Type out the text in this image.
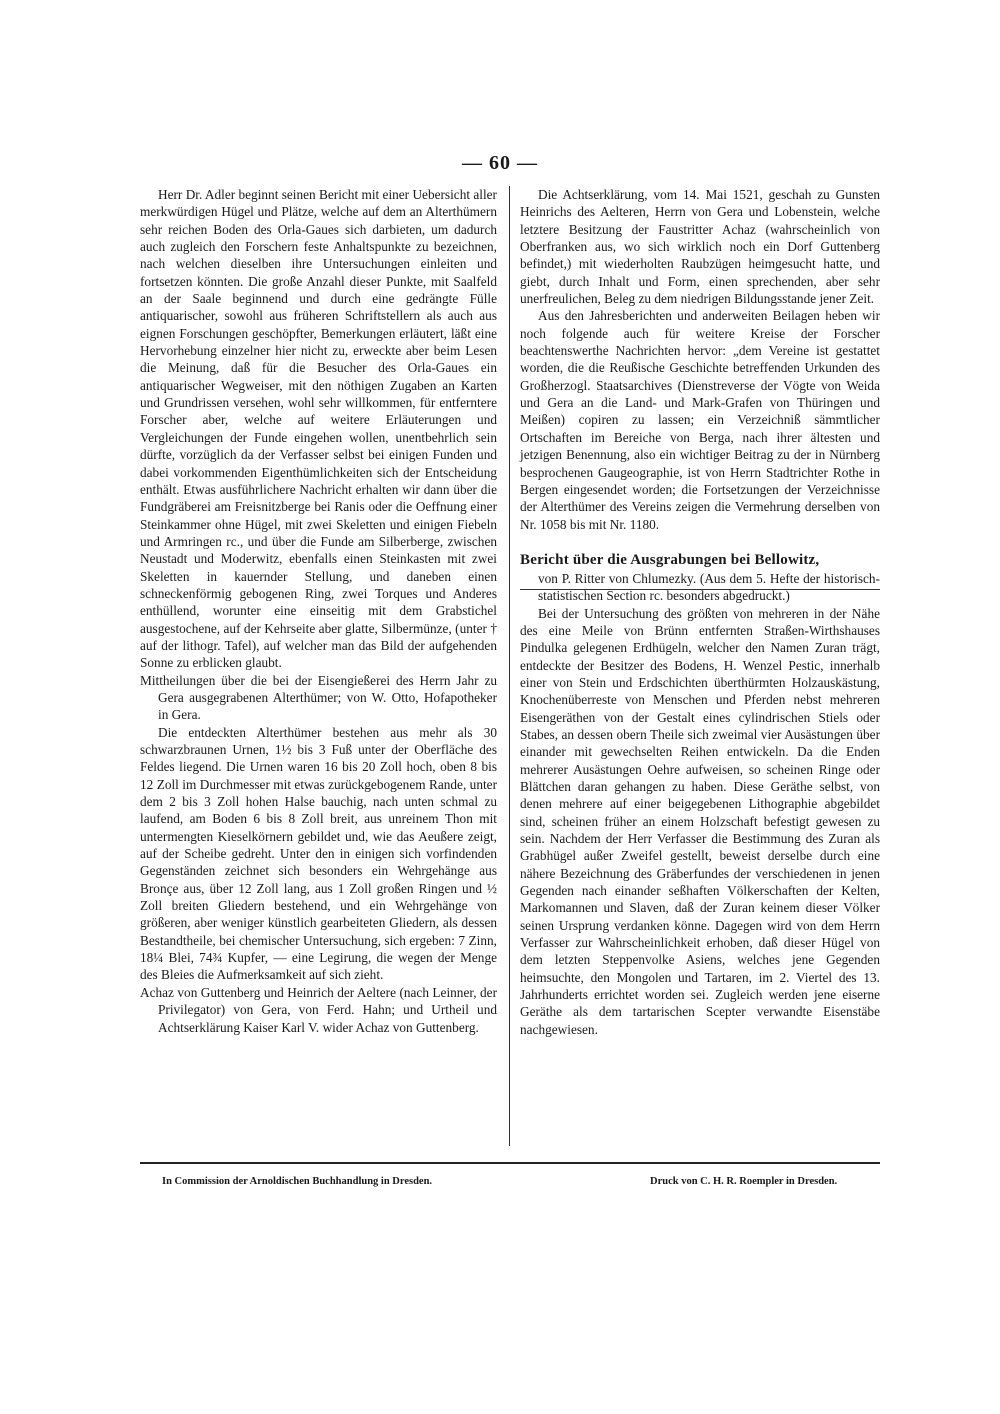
— 60 —

Herr Dr. Adler beginnt seinen Bericht mit einer Uebersicht aller merkwürdigen Hügel und Plätze, welche auf dem an Alterthümern sehr reichen Boden des Orla-Gaues sich darbieten, um dadurch auch zugleich den Forschern feste Anhaltspunkte zu bezeichnen, nach welchen dieselben ihre Untersuchungen einleiten und fortsetzen könnten. Die große Anzahl dieser Punkte, mit Saalfeld an der Saale beginnend und durch eine gedrängte Fülle antiquarischer, sowohl aus früheren Schriftstellern als auch aus eignen Forschungen geschöpfter, Bemerkungen erläutert, läßt eine Hervorhebung einzelner hier nicht zu, erweckte aber beim Lesen die Meinung, daß für die Besucher des Orla-Gaues ein antiquarischer Wegweiser, mit den nöthigen Zugaben an Karten und Grundrissen versehen, wohl sehr willkommen, für entferntere Forscher aber, welche auf weitere Erläuterungen und Vergleichungen der Funde eingehen wollen, unentbehrlich sein dürfte, vorzüglich da der Verfasser selbst bei einigen Funden und dabei vorkommenden Eigenthümlichkeiten sich der Entscheidung enthält. Etwas ausführlichere Nachricht erhalten wir dann über die Fundgräberei am Freisnitzberge bei Ranis oder die Oeffnung einer Steinkammer ohne Hügel, mit zwei Skeletten und einigen Fiebeln und Armringen rc., und über die Funde am Silberberge, zwischen Neustadt und Moderwitz, ebenfalls einen Steinkasten mit zwei Skeletten in kauernder Stellung, und daneben einen schneckenförmig gebogenen Ring, zwei Torques und Anderes enthüllend, worunter eine einseitig mit dem Grabstichel ausgestochene, auf der Kehrseite aber glatte, Silbermünze, (unter † auf der lithogr. Tafel), auf welcher man das Bild der aufgehenden Sonne zu erblicken glaubt.

Mittheilungen über die bei der Eisengießerei des Herrn Jahr zu Gera ausgegrabenen Alterthümer; von W. Otto, Hofapotheker in Gera.

Die entdeckten Alterthümer bestehen aus mehr als 30 schwarzbraunen Urnen, 1½ bis 3 Fuß unter der Oberfläche des Feldes liegend. Die Urnen waren 16 bis 20 Zoll hoch, oben 8 bis 12 Zoll im Durchmesser mit etwas zurückgebogenem Rande, unter dem 2 bis 3 Zoll hohen Halse bauchig, nach unten schmal zu laufend, am Boden 6 bis 8 Zoll breit, aus unreinem Thon mit untermengten Kieselkörnern gebildet und, wie das Aeußere zeigt, auf der Scheibe gedreht. Unter den in einigen sich vorfindenden Gegenständen zeichnet sich besonders ein Wehrgehänge aus Bronçe aus, über 12 Zoll lang, aus 1 Zoll großen Ringen und ½ Zoll breiten Gliedern bestehend, und ein Wehrgehänge von größeren, aber weniger künstlich gearbeiteten Gliedern, als dessen Bestandtheile, bei chemischer Untersuchung, sich ergeben: 7 Zinn, 18¼ Blei, 74¾ Kupfer, — eine Legirung, die wegen der Menge des Bleies die Aufmerksamkeit auf sich zieht.

Achaz von Guttenberg und Heinrich der Aeltere (nach Leinner, der Privilegator) von Gera, von Ferd. Hahn; und Urtheil und Achtserklärung Kaiser Karl V. wider Achaz von Guttenberg.

Die Achtserklärung, vom 14. Mai 1521, geschah zu Gunsten Heinrichs des Aelteren, Herrn von Gera und Lobenstein, welche letztere Besitzung der Faustritter Achaz (wahrscheinlich von Oberfranken aus, wo sich wirklich noch ein Dorf Guttenberg befindet,) mit wiederholten Raubzügen heimgesucht hatte, und giebt, durch Inhalt und Form, einen sprechenden, aber sehr unerfreulichen, Beleg zu dem niedrigen Bildungsstande jener Zeit.

Aus den Jahresberichten und anderweiten Beilagen heben wir noch folgende auch für weitere Kreise der Forscher beachtenswerthe Nachrichten hervor: „dem Vereine ist gestattet worden, die die Reußische Geschichte betreffenden Urkunden des Großherzogl. Staatsarchives (Dienstreverse der Vögte von Weida und Gera an die Land- und Mark-Grafen von Thüringen und Meißen) copiren zu lassen; ein Verzeichniß sämmtlicher Ortschaften im Bereiche von Berga, nach ihrer ältesten und jetzigen Benennung, also ein wichtiger Beitrag zu der in Nürnberg besprochenen Gaugeographie, ist von Herrn Stadtrichter Rothe in Bergen eingesendet worden; die Fortsetzungen der Verzeichnisse der Alterthümer des Vereins zeigen die Vermehrung derselben von Nr. 1058 bis mit Nr. 1180.

Bericht über die Ausgrabungen bei Bellowitz,

von P. Ritter von Chlumezky. (Aus dem 5. Hefte der historisch-statistischen Section rc. besonders abgedruckt.)

Bei der Untersuchung des größten von mehreren in der Nähe des eine Meile von Brünn entfernten Straßen-Wirthshauses Pindulka gelegenen Erdhügeln, welcher den Namen Zuran trägt, entdeckte der Besitzer des Bodens, H. Wenzel Pestic, innerhalb einer von Stein und Erdschichten überthürmten Holzauskästung, Knochenüberreste von Menschen und Pferden nebst mehreren Eisengeräthen von der Gestalt eines cylindrischen Stiels oder Stabes, an dessen obern Theile sich zweimal vier Ausästungen über einander mit gewechselten Reihen entwickeln. Da die Enden mehrerer Ausästungen Oehre aufweisen, so scheinen Ringe oder Blättchen daran gehangen zu haben. Diese Geräthe selbst, von denen mehrere auf einer beigegebenen Lithographie abgebildet sind, scheinen früher an einem Holzschaft befestigt gewesen zu sein. Nachdem der Herr Verfasser die Bestimmung des Zuran als Grabhügel außer Zweifel gestellt, beweist derselbe durch eine nähere Bezeichnung des Gräberfundes der verschiedenen in jenen Gegenden nach einander seßhaften Völkerschaften der Kelten, Markomannen und Slaven, daß der Zuran keinem dieser Völker seinen Ursprung verdanken könne. Dagegen wird von dem Herrn Verfasser zur Wahrscheinlichkeit erhoben, daß dieser Hügel von dem letzten Steppenvolke Asiens, welches jene Gegenden heimsuchte, den Mongolen und Tartaren, im 2. Viertel des 13. Jahrhunderts errichtet worden sei. Zugleich werden jene eiserne Geräthe als dem tartarischen Scepter verwandte Eisenstäbe nachgewiesen.

In Commission der Arnoldischen Buchhandlung in Dresden.	Druck von C. H. R. Roempler in Dresden.
